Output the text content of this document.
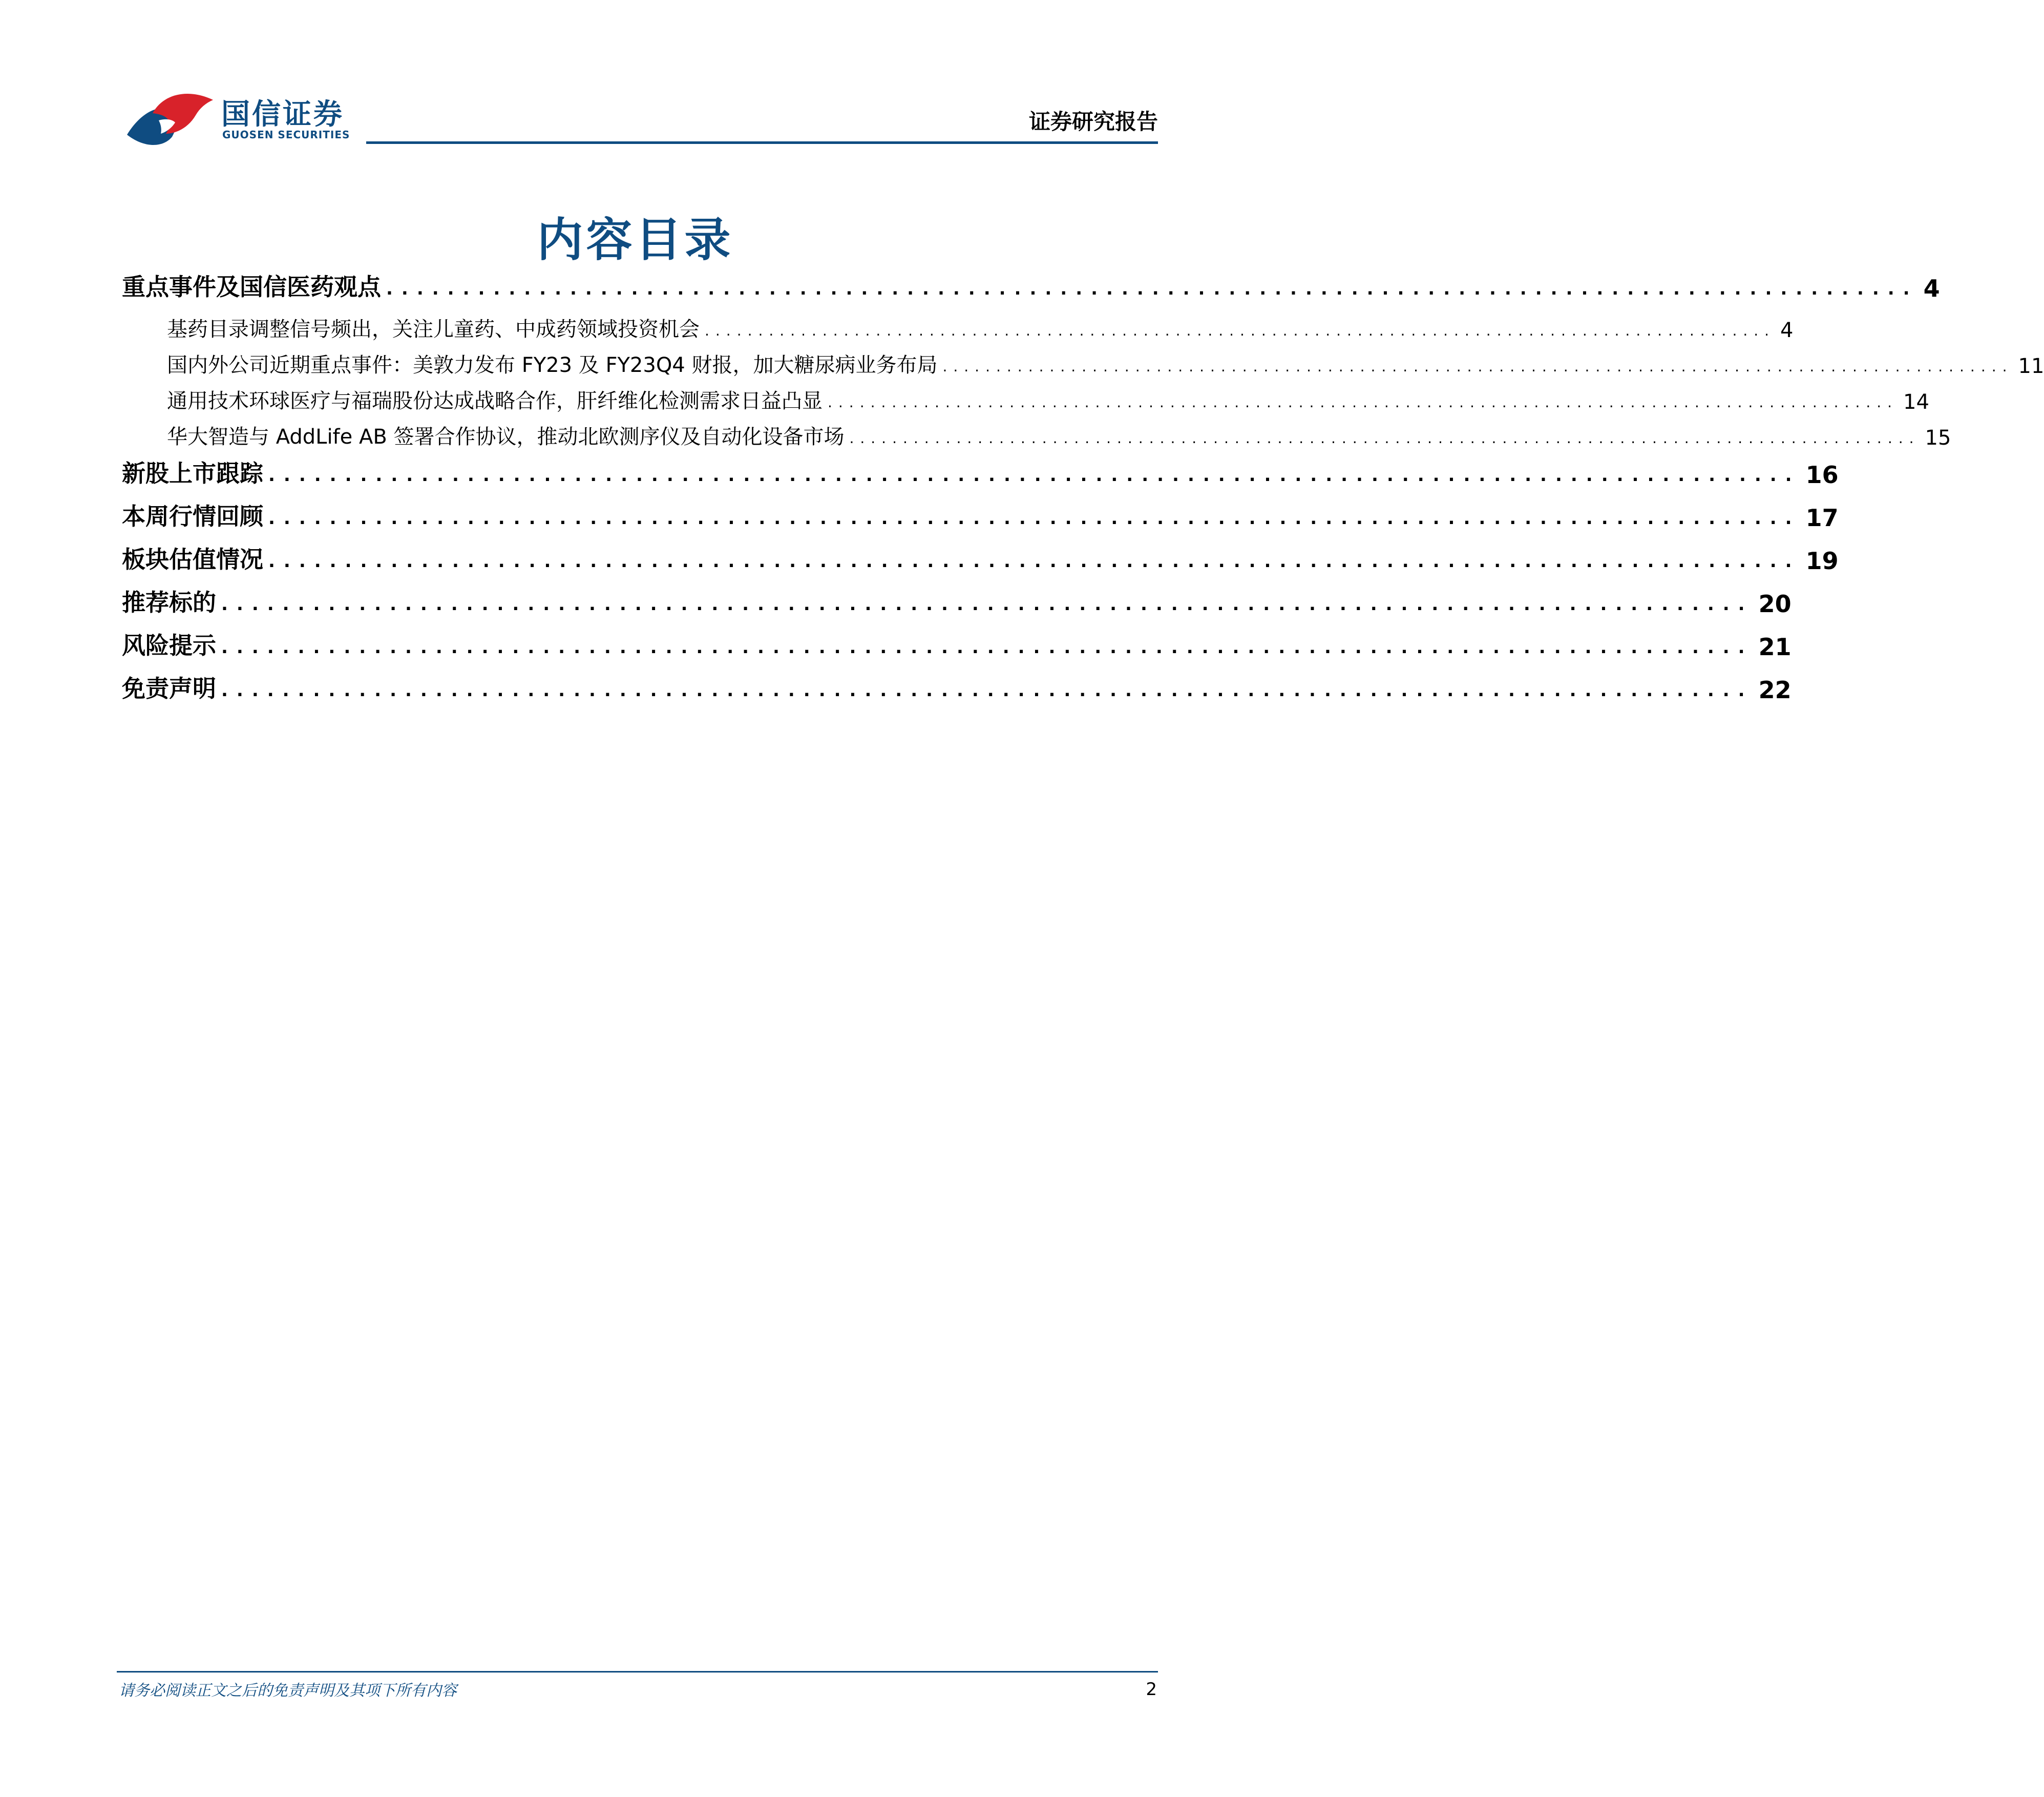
国信证券
GUOSEN SECURITIES
证券研究报告
内容目录
重点事件及国信医药观点 .................................................................................................... 4
基药目录调整信号频出，关注儿童药、中成药领域投资机会 .................................................................................................... 4
国内外公司近期重点事件：美敦力发布 FY23 及 FY23Q4 财报，加大糖尿病业务布局 .................................................................................................... 11
通用技术环球医疗与福瑞股份达成战略合作，肝纤维化检测需求日益凸显 .................................................................................................... 14
华大智造与 AddLife AB 签署合作协议，推动北欧测序仪及自动化设备市场 .................................................................................................... 15
新股上市跟踪 .................................................................................................... 16
本周行情回顾 .................................................................................................... 17
板块估值情况 .................................................................................................... 19
推荐标的 .................................................................................................... 20
风险提示 .................................................................................................... 21
免责声明 .................................................................................................... 22
请务必阅读正文之后的免责声明及其项下所有内容	2
